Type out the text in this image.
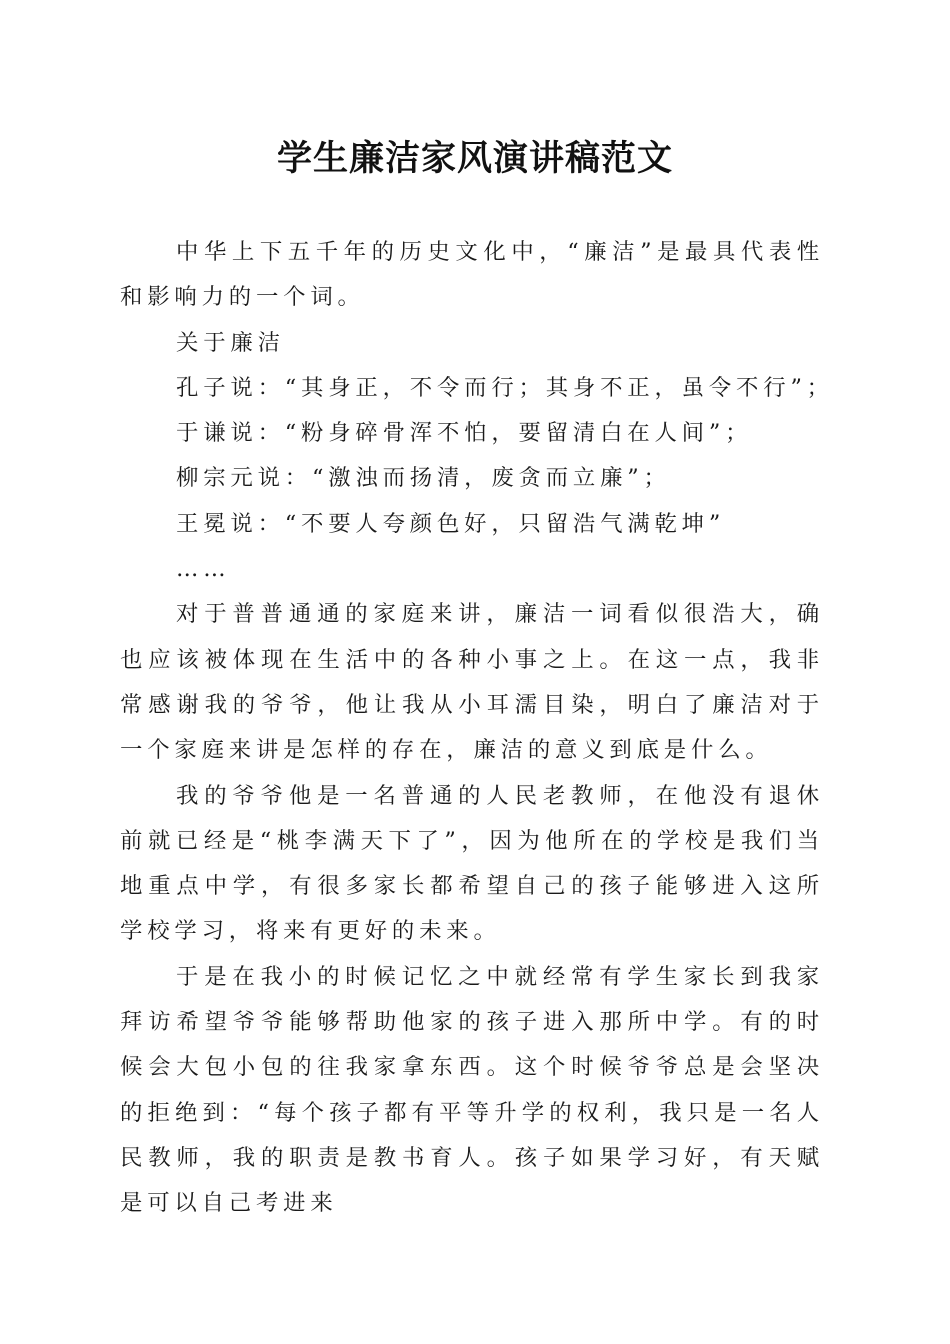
学生廉洁家风演讲稿范文

中华上下五千年的历史文化中，“廉洁”是最具代表性和影响力的一个词。

关于廉洁

孔子说：“其身正，不令而行；其身不正，虽令不行”；

于谦说：“粉身碎骨浑不怕，要留清白在人间”；

柳宗元说：“激浊而扬清，废贪而立廉”；

王冕说：“不要人夸颜色好，只留浩气满乾坤”

……

对于普普通通的家庭来讲，廉洁一词看似很浩大，确也应该被体现在生活中的各种小事之上。在这一点，我非常感谢我的爷爷，他让我从小耳濡目染，明白了廉洁对于一个家庭来讲是怎样的存在，廉洁的意义到底是什么。

我的爷爷他是一名普通的人民老教师，在他没有退休前就已经是“桃李满天下了”，因为他所在的学校是我们当地重点中学，有很多家长都希望自己的孩子能够进入这所学校学习，将来有更好的未来。

于是在我小的时候记忆之中就经常有学生家长到我家拜访希望爷爷能够帮助他家的孩子进入那所中学。有的时候会大包小包的往我家拿东西。这个时候爷爷总是会坚决的拒绝到：“每个孩子都有平等升学的权利，我只是一名人民教师，我的职责是教书育人。孩子如果学习好，有天赋是可以自己考进来
